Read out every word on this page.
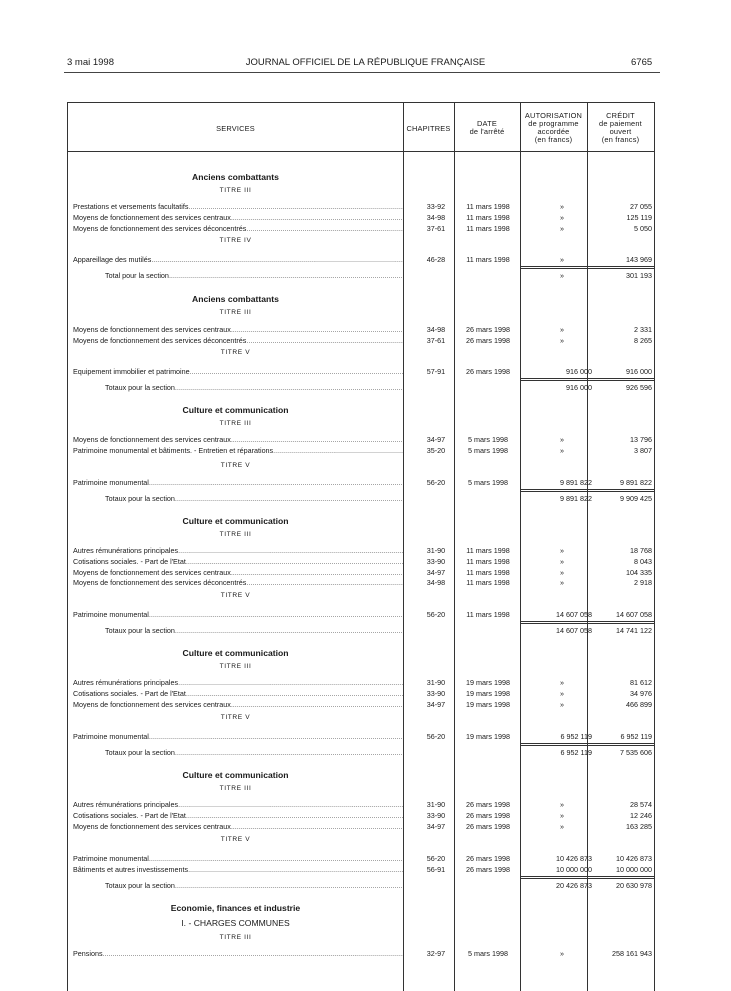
3 mai 1998	JOURNAL OFFICIEL DE LA RÉPUBLIQUE FRANÇAISE	6765
SERVICES	CHAPITRES
DATE
de l'arrêté
AUTORISATION
de programme
accordée
(en francs)
CRÉDIT
de paiement
ouvert
(en francs)
Anciens combattants
TITRE III
Prestations et versements facultatifs .....	33-92	11 mars 1998	»	27 055
Moyens de fonctionnement des services centraux .....	34-98	11 mars 1998	»	125 119
Moyens de fonctionnement des services déconcentrés .....	37-61	11 mars 1998	»	5 050
TITRE IV
Appareillage des mutilés .....	46-28	11 mars 1998	»	143 969
Total pour la section .....	»	301 193
Anciens combattants
TITRE III
Moyens de fonctionnement des services centraux .....	34-98	26 mars 1998	»	2 331
Moyens de fonctionnement des services déconcentrés .....	37-61	26 mars 1998	»	8 265
TITRE V
Equipement immobilier et patrimoine .....	57-91	26 mars 1998	916 000	916 000
Totaux pour la section .....	916 000	926 596
Culture et communication
TITRE III
Moyens de fonctionnement des services centraux .....	34-97	5 mars 1998	»	13 796
Patrimoine monumental et bâtiments. - Entretien et réparations .....	35-20	5 mars 1998	»	3 807
TITRE V
Patrimoine monumental .....	56-20	5 mars 1998	9 891 822	9 891 822
Totaux pour la section .....	9 891 822	9 909 425
Culture et communication
TITRE III
Autres rémunérations principales .....	31-90	11 mars 1998	»	18 768
Cotisations sociales. - Part de l'Etat .....	33-90	11 mars 1998	»	8 043
Moyens de fonctionnement des services centraux .....	34-97	11 mars 1998	»	104 335
Moyens de fonctionnement des services déconcentrés .....	34-98	11 mars 1998	»	2 918
TITRE V
Patrimoine monumental .....	56-20	11 mars 1998	14 607 058	14 607 058
Totaux pour la section .....	14 607 058	14 741 122
Culture et communication
TITRE III
Autres rémunérations principales .....	31-90	19 mars 1998	»	81 612
Cotisations sociales. - Part de l'Etat .....	33-90	19 mars 1998	»	34 976
Moyens de fonctionnement des services centraux .....	34-97	19 mars 1998	»	466 899
TITRE V
Patrimoine monumental .....	56-20	19 mars 1998	6 952 119	6 952 119
Totaux pour la section .....	6 952 119	7 535 606
Culture et communication
TITRE III
Autres rémunérations principales .....	31-90	26 mars 1998	»	28 574
Cotisations sociales. - Part de l'Etat .....	33-90	26 mars 1998	»	12 246
Moyens de fonctionnement des services centraux .....	34-97	26 mars 1998	»	163 285
TITRE V
Patrimoine monumental .....	56-20	26 mars 1998	10 426 873	10 426 873
Bâtiments et autres investissements .....	56-91	26 mars 1998	10 000 000	10 000 000
Totaux pour la section .....	20 426 873	20 630 978
Economie, finances et industrie
I. - CHARGES COMMUNES
TITRE III
Pensions .....	32-97	5 mars 1998	»	258 161 943
